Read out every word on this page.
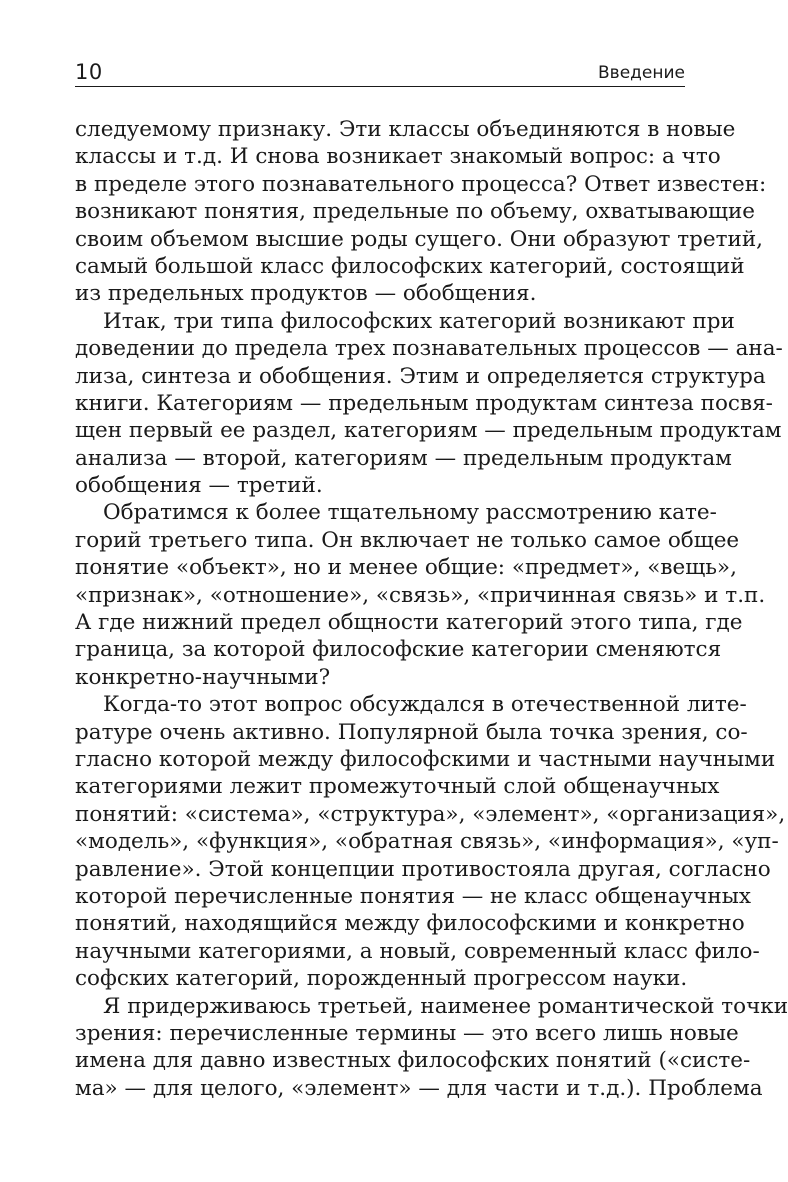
10	Введение
следуемому признаку. Эти классы объединяются в новые
классы и т.д. И снова возникает знакомый вопрос: а что
в пределе этого познавательного процесса? Ответ известен:
возникают понятия, предельные по объему, охватывающие
своим объемом высшие роды сущего. Они образуют третий,
самый большой класс философских категорий, состоящий
из предельных продуктов — обобщения.
Итак, три типа философских категорий возникают при
доведении до предела трех познавательных процессов — ана-
лиза, синтеза и обобщения. Этим и определяется структура
книги. Категориям — предельным продуктам синтеза посвя-
щен первый ее раздел, категориям — предельным продуктам
анализа — второй, категориям — предельным продуктам
обобщения — третий.
Обратимся к более тщательному рассмотрению кате-
горий третьего типа. Он включает не только самое общее
понятие «объект», но и менее общие: «предмет», «вещь»,
«признак», «отношение», «связь», «причинная связь» и т.п.
А где нижний предел общности категорий этого типа, где
граница, за которой философские категории сменяются
конкретно-научными?
Когда-то этот вопрос обсуждался в отечественной лите-
ратуре очень активно. Популярной была точка зрения, со-
гласно которой между философскими и частными научными
категориями лежит промежуточный слой общенаучных
понятий: «система», «структура», «элемент», «организация»,
«модель», «функция», «обратная связь», «информация», «уп-
равление». Этой концепции противостояла другая, согласно
которой перечисленные понятия — не класс общенаучных
понятий, находящийся между философскими и конкретно
научными категориями, а новый, современный класс фило-
софских категорий, порожденный прогрессом науки.
Я придерживаюсь третьей, наименее романтической точки
зрения: перечисленные термины — это всего лишь новые
имена для давно известных философских понятий («систе-
ма» — для целого, «элемент» — для части и т.д.). Проблема
